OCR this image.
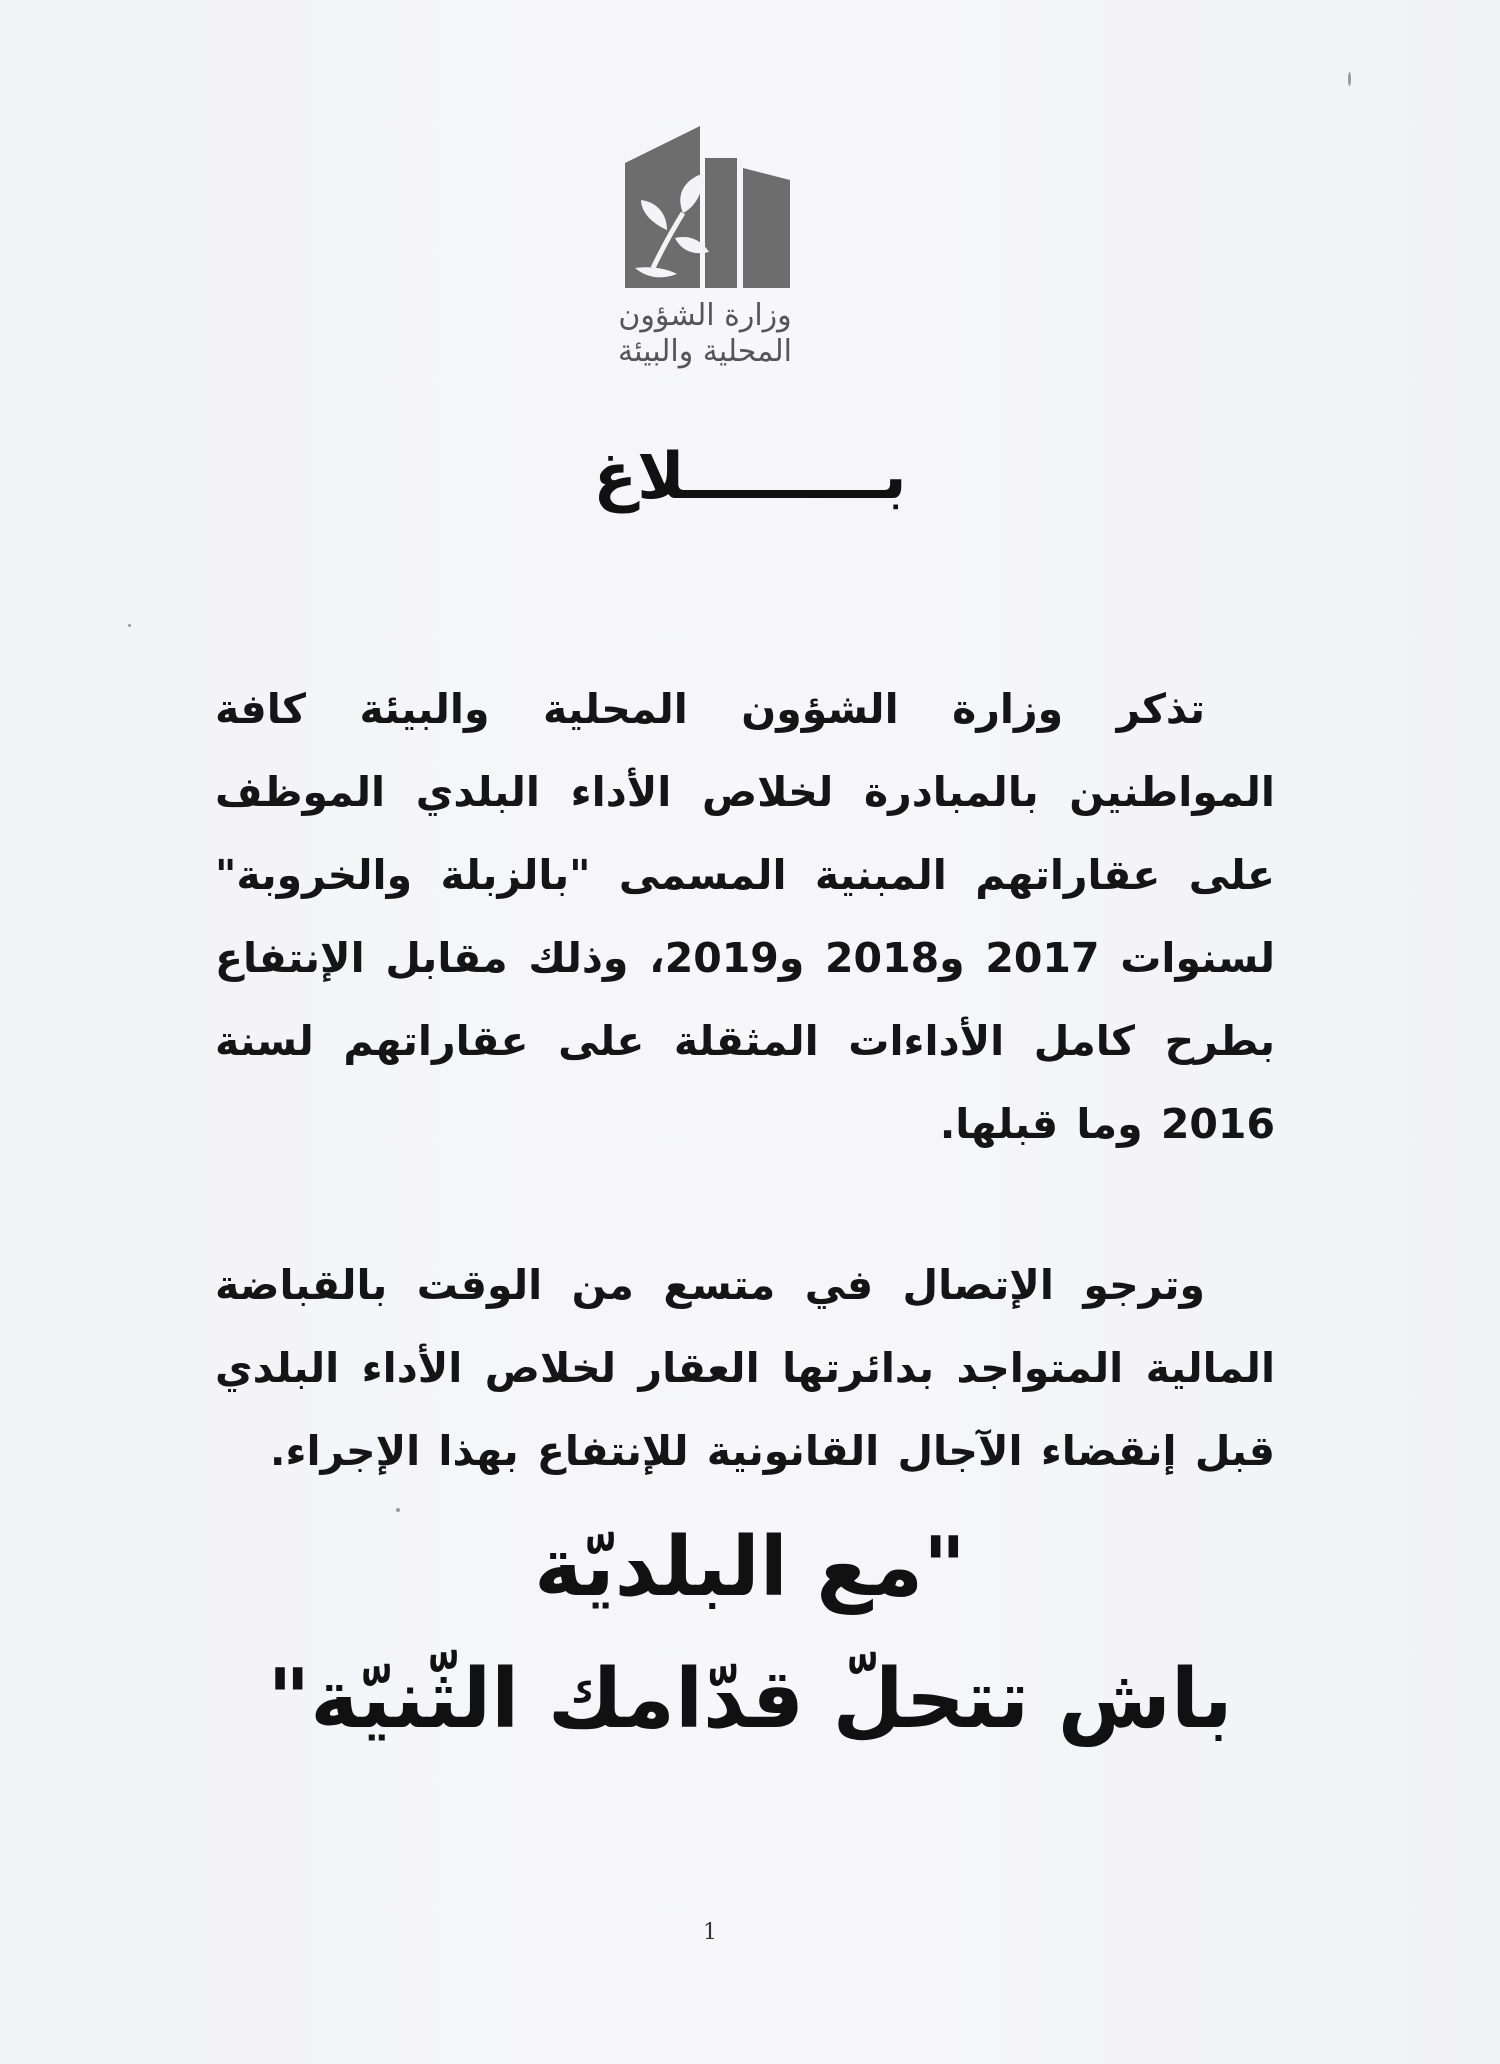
وزارة الشؤون
المحلية والبيئة
بـــــــــلاغ
تذكر وزارة الشؤون المحلية والبيئة كافة المواطنين بالمبادرة لخلاص الأداء البلدي الموظف على عقاراتهم المبنية المسمى "بالزبلة والخروبة" لسنوات 2017 و2018 و2019، وذلك مقابل الإنتفاع بطرح كامل الأداءات المثقلة على عقاراتهم لسنة 2016 وما قبلها.
وترجو الإتصال في متسع من الوقت بالقباضة المالية المتواجد بدائرتها العقار لخلاص الأداء البلدي قبل إنقضاء الآجال القانونية للإنتفاع بهذا الإجراء.
"مع البلديّة
باش تتحلّ قدّامك الثّنيّة"
1
